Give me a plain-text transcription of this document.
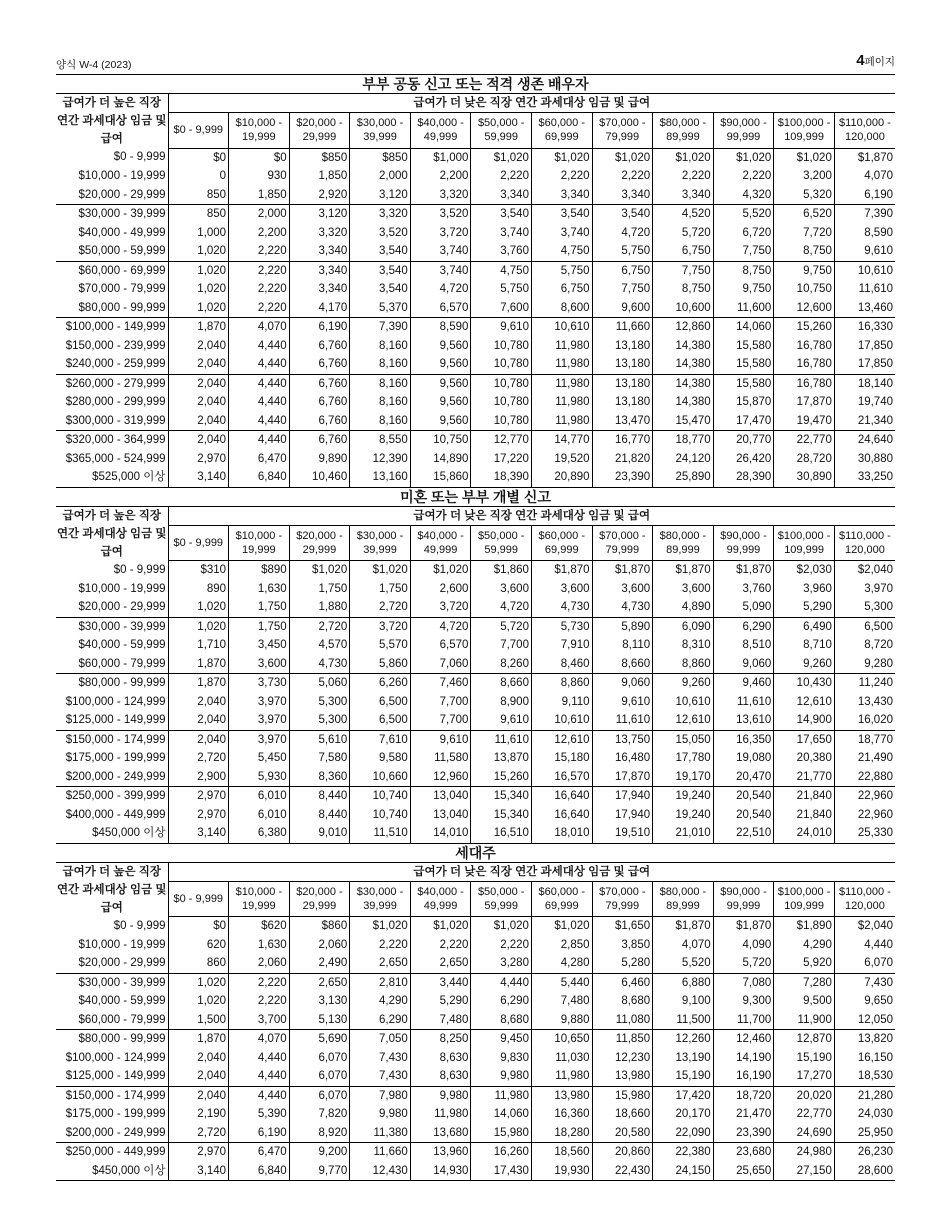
양식 W-4 (2023)	4페이지
부부 공동 신고 또는 적격 생존 배우자
급여가 더 높은 직장 연간 과세대상 임금 및 급여	급여가 더 낮은 직장 연간 과세대상 임금 및 급여											
	$0 - 9,999	$10,000 - 19,999	$20,000 - 29,999	$30,000 - 39,999	$40,000 - 49,999	$50,000 - 59,999	$60,000 - 69,999	$70,000 - 79,999	$80,000 - 89,999	$90,000 - 99,999	$100,000 - 109,999	$110,000 - 120,000
$0 - 9,999	$0	$0	$850	$850	$1,000	$1,020	$1,020	$1,020	$1,020	$1,020	$1,020	$1,870
$10,000 - 19,999	0	930	1,850	2,000	2,200	2,220	2,220	2,220	2,220	2,220	3,200	4,070
$20,000 - 29,999	850	1,850	2,920	3,120	3,320	3,340	3,340	3,340	3,340	4,320	5,320	6,190
$30,000 - 39,999	850	2,000	3,120	3,320	3,520	3,540	3,540	3,540	4,520	5,520	6,520	7,390
$40,000 - 49,999	1,000	2,200	3,320	3,520	3,720	3,740	3,740	4,720	5,720	6,720	7,720	8,590
$50,000 - 59,999	1,020	2,220	3,340	3,540	3,740	3,760	4,750	5,750	6,750	7,750	8,750	9,610
$60,000 - 69,999	1,020	2,220	3,340	3,540	3,740	4,750	5,750	6,750	7,750	8,750	9,750	10,610
$70,000 - 79,999	1,020	2,220	3,340	3,540	4,720	5,750	6,750	7,750	8,750	9,750	10,750	11,610
$80,000 - 99,999	1,020	2,220	4,170	5,370	6,570	7,600	8,600	9,600	10,600	11,600	12,600	13,460
$100,000 - 149,999	1,870	4,070	6,190	7,390	8,590	9,610	10,610	11,660	12,860	14,060	15,260	16,330
$150,000 - 239,999	2,040	4,440	6,760	8,160	9,560	10,780	11,980	13,180	14,380	15,580	16,780	17,850
$240,000 - 259,999	2,040	4,440	6,760	8,160	9,560	10,780	11,980	13,180	14,380	15,580	16,780	17,850
$260,000 - 279,999	2,040	4,440	6,760	8,160	9,560	10,780	11,980	13,180	14,380	15,580	16,780	18,140
$280,000 - 299,999	2,040	4,440	6,760	8,160	9,560	10,780	11,980	13,180	14,380	15,870	17,870	19,740
$300,000 - 319,999	2,040	4,440	6,760	8,160	9,560	10,780	11,980	13,470	15,470	17,470	19,470	21,340
$320,000 - 364,999	2,040	4,440	6,760	8,550	10,750	12,770	14,770	16,770	18,770	20,770	22,770	24,640
$365,000 - 524,999	2,970	6,470	9,890	12,390	14,890	17,220	19,520	21,820	24,120	26,420	28,720	30,880
$525,000 이상	3,140	6,840	10,460	13,160	15,860	18,390	20,890	23,390	25,890	28,390	30,890	33,250
미혼 또는 부부 개별 신고
급여가 더 높은 직장 연간 과세대상 임금 및 급여	급여가 더 낮은 직장 연간 과세대상 임금 및 급여											
	$0 - 9,999	$10,000 - 19,999	$20,000 - 29,999	$30,000 - 39,999	$40,000 - 49,999	$50,000 - 59,999	$60,000 - 69,999	$70,000 - 79,999	$80,000 - 89,999	$90,000 - 99,999	$100,000 - 109,999	$110,000 - 120,000
$0 - 9,999	$310	$890	$1,020	$1,020	$1,020	$1,860	$1,870	$1,870	$1,870	$1,870	$2,030	$2,040
$10,000 - 19,999	890	1,630	1,750	1,750	2,600	3,600	3,600	3,600	3,600	3,760	3,960	3,970
$20,000 - 29,999	1,020	1,750	1,880	2,720	3,720	4,720	4,730	4,730	4,890	5,090	5,290	5,300
$30,000 - 39,999	1,020	1,750	2,720	3,720	4,720	5,720	5,730	5,890	6,090	6,290	6,490	6,500
$40,000 - 59,999	1,710	3,450	4,570	5,570	6,570	7,700	7,910	8,110	8,310	8,510	8,710	8,720
$60,000 - 79,999	1,870	3,600	4,730	5,860	7,060	8,260	8,460	8,660	8,860	9,060	9,260	9,280
$80,000 - 99,999	1,870	3,730	5,060	6,260	7,460	8,660	8,860	9,060	9,260	9,460	10,430	11,240
$100,000 - 124,999	2,040	3,970	5,300	6,500	7,700	8,900	9,110	9,610	10,610	11,610	12,610	13,430
$125,000 - 149,999	2,040	3,970	5,300	6,500	7,700	9,610	10,610	11,610	12,610	13,610	14,900	16,020
$150,000 - 174,999	2,040	3,970	5,610	7,610	9,610	11,610	12,610	13,750	15,050	16,350	17,650	18,770
$175,000 - 199,999	2,720	5,450	7,580	9,580	11,580	13,870	15,180	16,480	17,780	19,080	20,380	21,490
$200,000 - 249,999	2,900	5,930	8,360	10,660	12,960	15,260	16,570	17,870	19,170	20,470	21,770	22,880
$250,000 - 399,999	2,970	6,010	8,440	10,740	13,040	15,340	16,640	17,940	19,240	20,540	21,840	22,960
$400,000 - 449,999	2,970	6,010	8,440	10,740	13,040	15,340	16,640	17,940	19,240	20,540	21,840	22,960
$450,000 이상	3,140	6,380	9,010	11,510	14,010	16,510	18,010	19,510	21,010	22,510	24,010	25,330
세대주
급여가 더 높은 직장 연간 과세대상 임금 및 급여	급여가 더 낮은 직장 연간 과세대상 임금 및 급여											
	$0 - 9,999	$10,000 - 19,999	$20,000 - 29,999	$30,000 - 39,999	$40,000 - 49,999	$50,000 - 59,999	$60,000 - 69,999	$70,000 - 79,999	$80,000 - 89,999	$90,000 - 99,999	$100,000 - 109,999	$110,000 - 120,000
$0 - 9,999	$0	$620	$860	$1,020	$1,020	$1,020	$1,020	$1,650	$1,870	$1,870	$1,890	$2,040
$10,000 - 19,999	620	1,630	2,060	2,220	2,220	2,220	2,850	3,850	4,070	4,090	4,290	4,440
$20,000 - 29,999	860	2,060	2,490	2,650	2,650	3,280	4,280	5,280	5,520	5,720	5,920	6,070
$30,000 - 39,999	1,020	2,220	2,650	2,810	3,440	4,440	5,440	6,460	6,880	7,080	7,280	7,430
$40,000 - 59,999	1,020	2,220	3,130	4,290	5,290	6,290	7,480	8,680	9,100	9,300	9,500	9,650
$60,000 - 79,999	1,500	3,700	5,130	6,290	7,480	8,680	9,880	11,080	11,500	11,700	11,900	12,050
$80,000 - 99,999	1,870	4,070	5,690	7,050	8,250	9,450	10,650	11,850	12,260	12,460	12,870	13,820
$100,000 - 124,999	2,040	4,440	6,070	7,430	8,630	9,830	11,030	12,230	13,190	14,190	15,190	16,150
$125,000 - 149,999	2,040	4,440	6,070	7,430	8,630	9,980	11,980	13,980	15,190	16,190	17,270	18,530
$150,000 - 174,999	2,040	4,440	6,070	7,980	9,980	11,980	13,980	15,980	17,420	18,720	20,020	21,280
$175,000 - 199,999	2,190	5,390	7,820	9,980	11,980	14,060	16,360	18,660	20,170	21,470	22,770	24,030
$200,000 - 249,999	2,720	6,190	8,920	11,380	13,680	15,980	18,280	20,580	22,090	23,390	24,690	25,950
$250,000 - 449,999	2,970	6,470	9,200	11,660	13,960	16,260	18,560	20,860	22,380	23,680	24,980	26,230
$450,000 이상	3,140	6,840	9,770	12,430	14,930	17,430	19,930	22,430	24,150	25,650	27,150	28,600
